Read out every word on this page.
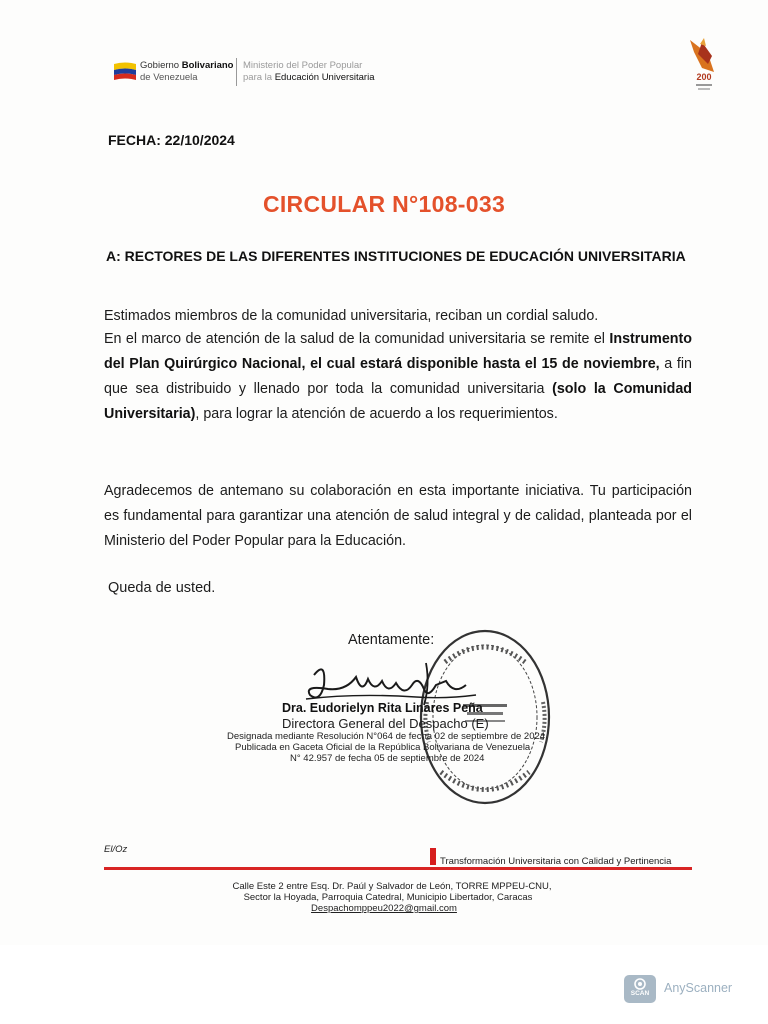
Gobierno Bolivariano
de Venezuela
Ministerio del Poder Popular
para la Educación Universitaria	200
FECHA: 22/10/2024
CIRCULAR N°108-033
A: RECTORES DE LAS DIFERENTES INSTITUCIONES DE EDUCACIÓN UNIVERSITARIA
Estimados miembros de la comunidad universitaria, reciban un cordial saludo.
En el marco de atención de la salud de la comunidad universitaria se remite el Instrumento del Plan Quirúrgico Nacional, el cual estará disponible hasta el 15 de noviembre, a fin que sea distribuido y llenado por toda la comunidad universitaria (solo la Comunidad Universitaria), para lograr la atención de acuerdo a los requerimientos.
Agradecemos de antemano su colaboración en esta importante iniciativa. Tu participación es fundamental para garantizar una atención de salud integral y de calidad, planteada por el Ministerio del Poder Popular para la Educación.
Queda de usted.
Atentamente:
Dra. Eudorielyn Rita Linares Peña
Directora General del Despacho (E)
Designada mediante Resolución N°064 de fecha 02 de septiembre de 2024
Publicada en Gaceta Oficial de la República Bolivariana de Venezuela
N° 42.957 de fecha 05 de septiembre de 2024
El/Oz
Transformación Universitaria con Calidad y Pertinencia
Calle Este 2 entre Esq. Dr. Paúl y Salvador de León, TORRE MPPEU-CNU,
Sector la Hoyada, Parroquia Catedral, Municipio Libertador, Caracas
Despachomppeu2022@gmail.com
SCAN	AnyScanner
